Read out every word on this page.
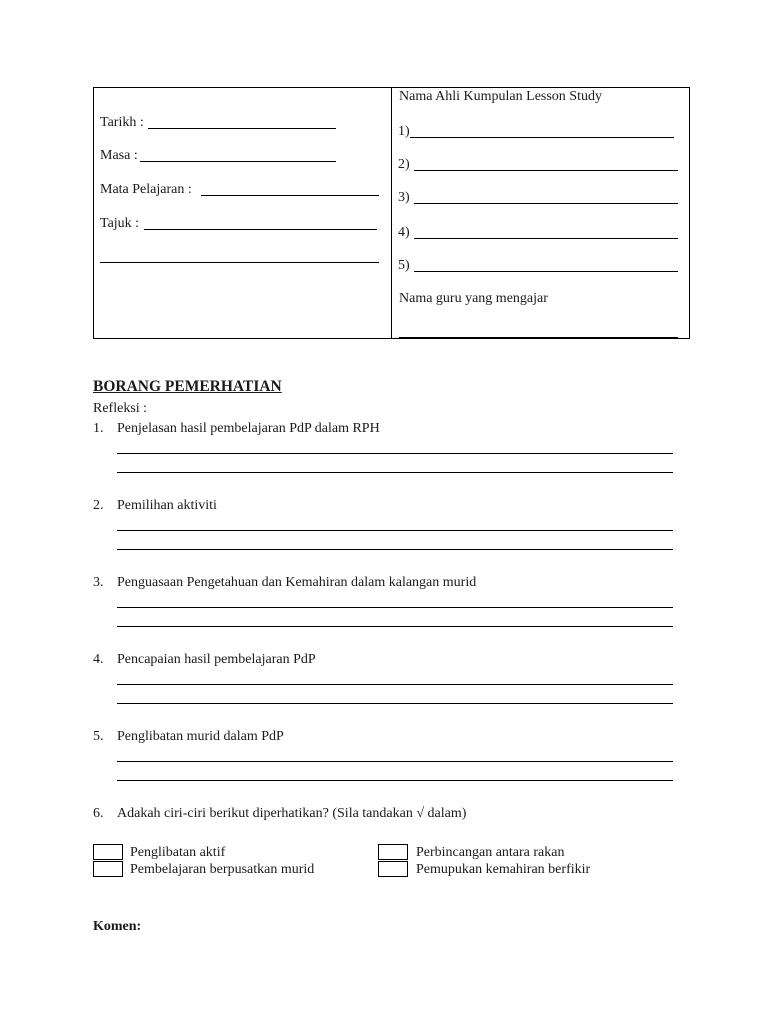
Tarikh :
Masa :
Mata Pelajaran :
Tajuk :
Nama Ahli Kumpulan Lesson Study
1)
2)
3)
4)
5)
Nama guru yang mengajar
BORANG PEMERHATIAN
Refleksi :
1. Penjelasan hasil pembelajaran PdP dalam RPH
2. Pemilihan aktiviti
3. Penguasaan Pengetahuan dan Kemahiran dalam kalangan murid
4. Pencapaian hasil pembelajaran PdP
5. Penglibatan murid dalam PdP
6. Adakah ciri-ciri berikut diperhatikan? (Sila tandakan √ dalam)
Penglibatan aktif
Pembelajaran berpusatkan murid
Perbincangan antara rakan
Pemupukan kemahiran berfikir
Komen:
